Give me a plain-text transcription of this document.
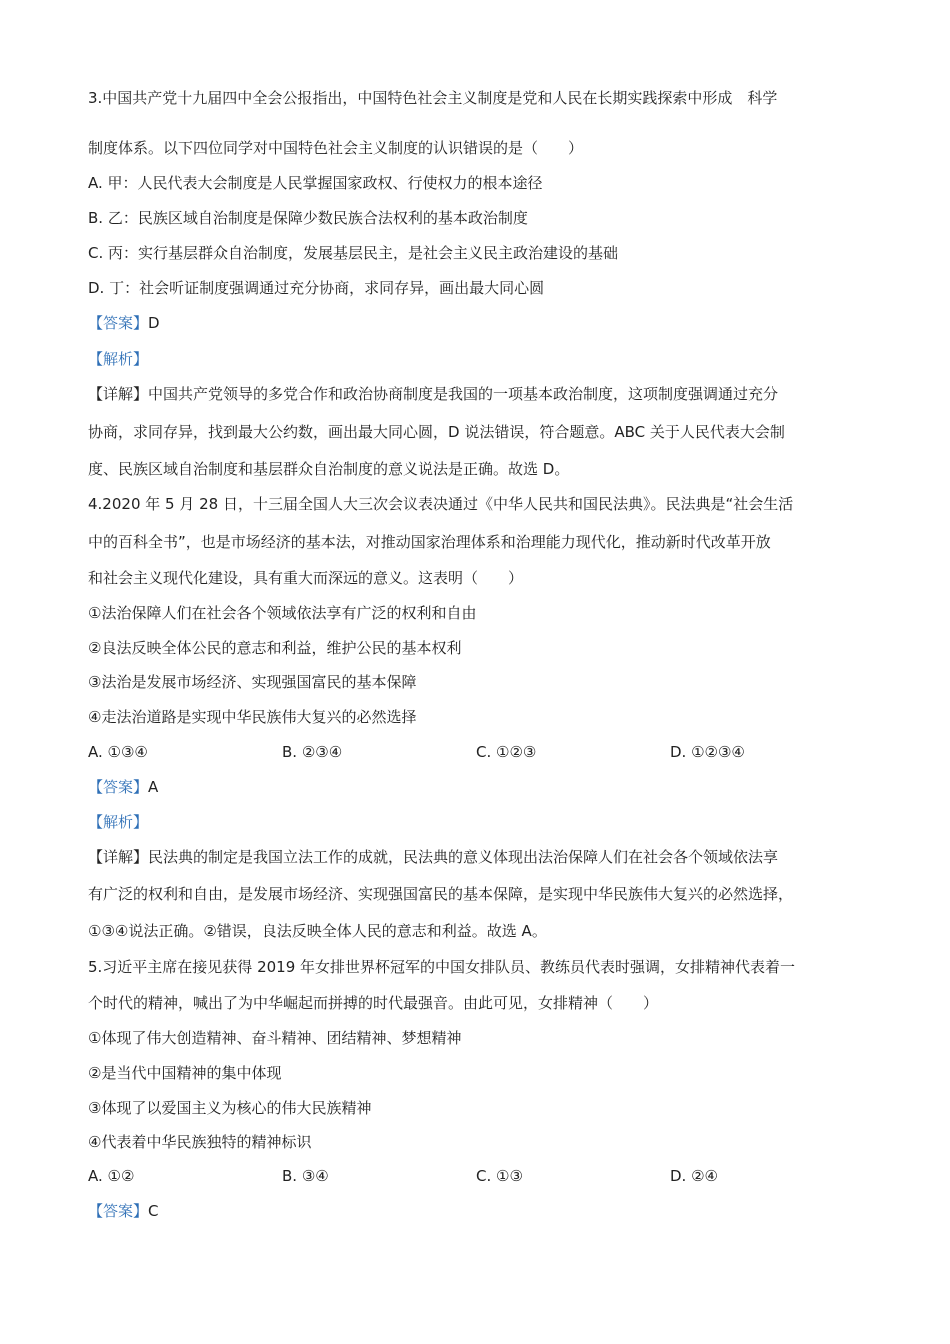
3.中国共产党十九届四中全会公报指出，中国特色社会主义制度是党和人民在长期实践探索中形成　科学
制度体系。以下四位同学对中国特色社会主义制度的认识错误的是（　　）
A. 甲：人民代表大会制度是人民掌握国家政权、行使权力的根本途径
B. 乙：民族区域自治制度是保障少数民族合法权利的基本政治制度
C. 丙：实行基层群众自治制度，发展基层民主，是社会主义民主政治建设的基础
D. 丁：社会听证制度强调通过充分协商，求同存异，画出最大同心圆
【答案】D
【解析】
【详解】中国共产党领导的多党合作和政治协商制度是我国的一项基本政治制度，这项制度强调通过充分
协商，求同存异，找到最大公约数，画出最大同心圆，D 说法错误，符合题意。ABC 关于人民代表大会制
度、民族区域自治制度和基层群众自治制度的意义说法是正确。故选 D。
4.2020 年 5 月 28 日，十三届全国人大三次会议表决通过《中华人民共和国民法典》。民法典是“社会生活
中的百科全书”，也是市场经济的基本法，对推动国家治理体系和治理能力现代化，推动新时代改革开放
和社会主义现代化建设，具有重大而深远的意义。这表明（　　）
①法治保障人们在社会各个领域依法享有广泛的权利和自由
②良法反映全体公民的意志和利益，维护公民的基本权利
③法治是发展市场经济、实现强国富民的基本保障
④走法治道路是实现中华民族伟大复兴的必然选择
A. ①③④	B. ②③④	C. ①②③	D. ①②③④
【答案】A
【解析】
【详解】民法典的制定是我国立法工作的成就，民法典的意义体现出法治保障人们在社会各个领域依法享
有广泛的权利和自由，是发展市场经济、实现强国富民的基本保障，是实现中华民族伟大复兴的必然选择，
①③④说法正确。②错误，良法反映全体人民的意志和利益。故选 A。
5.习近平主席在接见获得 2019 年女排世界杯冠军的中国女排队员、教练员代表时强调，女排精神代表着一
个时代的精神，喊出了为中华崛起而拼搏的时代最强音。由此可见，女排精神（　　）
①体现了伟大创造精神、奋斗精神、团结精神、梦想精神
②是当代中国精神的集中体现
③体现了以爱国主义为核心的伟大民族精神
④代表着中华民族独特的精神标识
A. ①②	B. ③④	C. ①③	D. ②④
【答案】C
